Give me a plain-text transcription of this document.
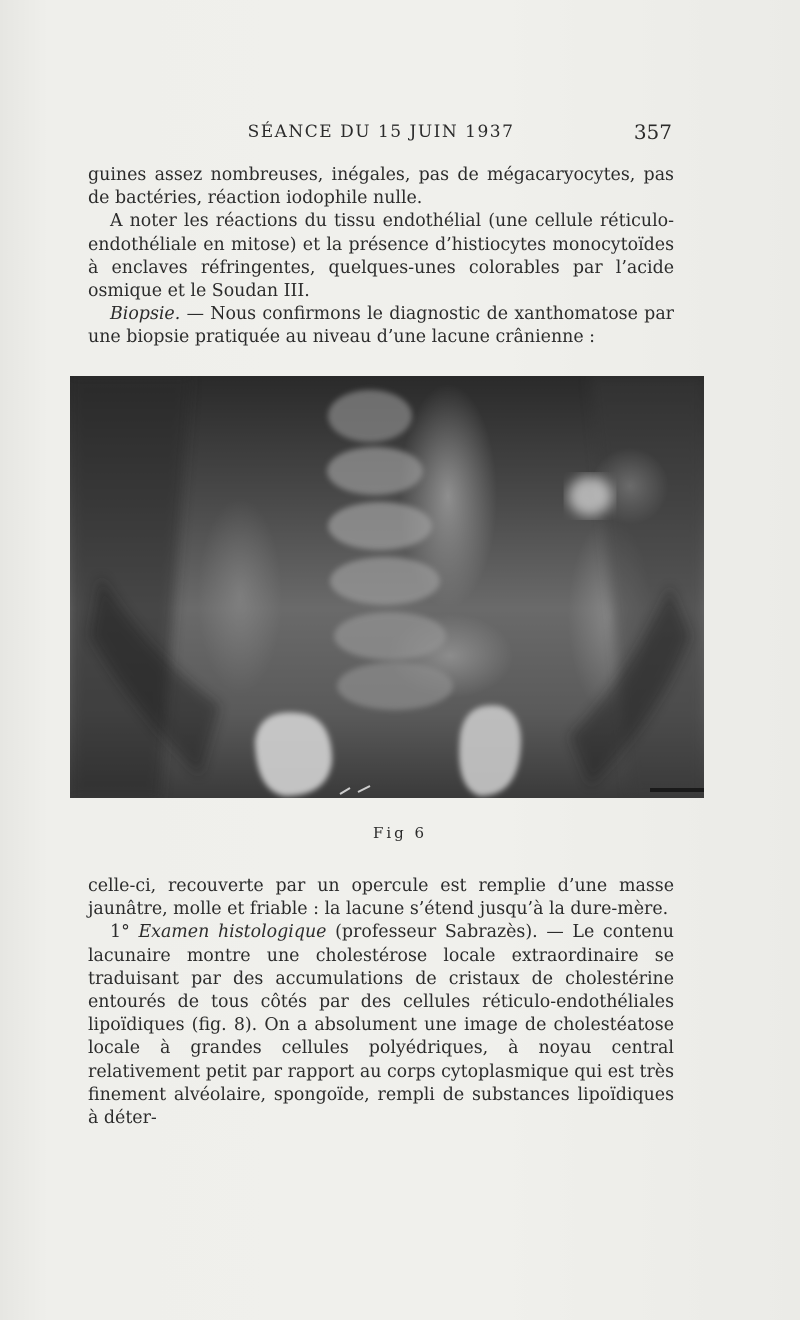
SÉANCE DU 15 JUIN 1937	357

guines assez nombreuses, inégales, pas de mégacaryocytes, pas de bactéries, réaction iodophile nulle.

A noter les réactions du tissu endothélial (une cellule réticulo-endothéliale en mitose) et la présence d’histiocytes monocytoïdes à enclaves réfringentes, quelques-unes colorables par l’acide osmique et le Soudan III.

Biopsie. — Nous confirmons le diagnostic de xanthomatose par une biopsie pratiquée au niveau d’une lacune crânienne :

Fig 6

celle-ci, recouverte par un opercule est remplie d’une masse jaunâtre, molle et friable : la lacune s’étend jusqu’à la dure-mère.

1° Examen histologique (professeur Sabrazès). — Le contenu lacunaire montre une cholestérose locale extraordinaire se traduisant par des accumulations de cristaux de cholestérine entourés de tous côtés par des cellules réticulo-endothéliales lipoïdiques (fig. 8). On a absolument une image de cholestéatose locale à grandes cellules polyédriques, à noyau central relativement petit par rapport au corps cytoplasmique qui est très finement alvéolaire, spongoïde, rempli de substances lipoïdiques à déter-
